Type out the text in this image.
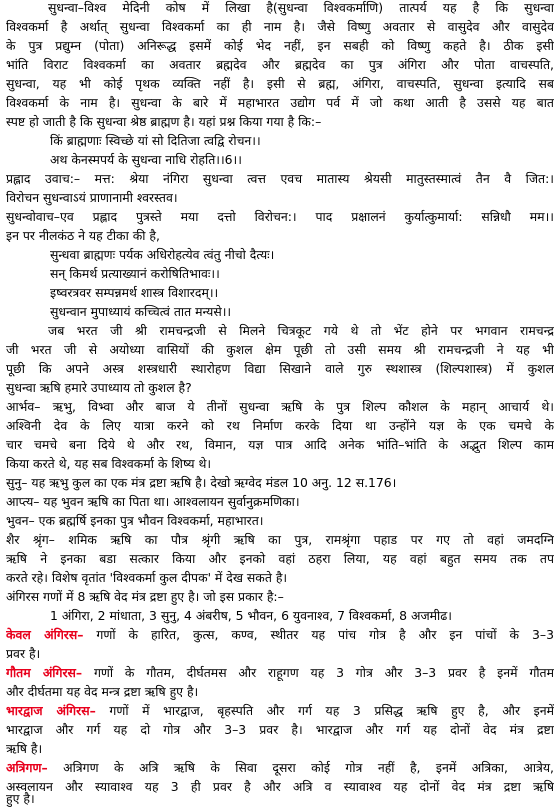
सुधन्वा–विश्व मेदिनी कोष में लिखा है(सुधन्वा विश्वकर्माणि) तात्पर्य यह है कि सुधन्वा
विश्वकर्मा है अर्थात् सुधन्वा विश्वकर्मा का ही नाम है। जैसे विष्णु अवतार से वासुदेव और वासुदेव
के पुत्र प्रद्युम्न (पोता) अनिरूद्ध इसमें कोई भेद नहीं, इन सबही को विष्णु कहते है। ठीक इसी
भांति विराट विश्वकर्मा का अवतार ब्रह्मदेव और ब्रह्मदेव का पुत्र अंगिरा और पोता वाचस्पति,
सुधन्वा, यह भी कोई पृथक व्यक्ति नहीं है। इसी से ब्रह्म, अंगिरा, वाचस्पति, सुधन्वा इत्यादि सब
विश्वकर्मा के नाम है। सुधन्वा के बारे में महाभारत उद्योग पर्व में जो कथा आती है उससे यह बात
स्पष्ट हो जाती है कि सुधन्वा श्रेष्ठ ब्राह्मण है। यहां प्रश्न किया गया है कि:–
किं ब्राह्मणाः स्विच्छे यां सो दितिजा त्वद्वि रोचन।।
अथ केनस्मपर्य के सुधन्वा नाधि रोहति।।6।।
प्रह्लाद उवाच:– मत्त: श्रेया नंगिरा सुधन्वा त्वत्त एवच मातास्य श्रेयसी मातुस्तस्मात्वं तैन वै जित:।
विरोचन सुधन्वाऽयं प्राणानामी श्वरस्तव।
सुधन्वोवाच–एव प्रह्लाद पुत्रस्ते मया दत्तो विरोचन:। पाद प्रक्षालनं कुर्यात्कुमार्या: सन्निधौ मम।।
इन पर नीलकंठ ने यह टीका की है,
सुन्धवा ब्राह्मणः पर्यक अधिरोहत्येव त्वंतु नीचो दैत्यः।
सन् किमर्थ प्रत्याख्यानं करोषितिभावः।।
इष्वरत्रवर सम्पन्नमर्थ शास्त्र विशारदम्।।
सुधन्वान मुपाध्यायं कच्चित्वं तात मन्यसे।।
जब भरत जी श्री रामचन्द्रजी से मिलने चित्रकूट गये थे तो भेंट होने पर भगवान रामचन्द्र
जी भरत जी से अयोध्या वासियों की कुशल क्षेम पूछी तो उसी समय श्री रामचन्द्रजी ने यह भी
पूछी कि अपने अस्त्र शस्त्रधारी स्थारोहण विद्या सिखाने वाले गुरु स्थशास्त्र (शिल्पशास्त्र) में कुशल
सुधन्वा ऋषि हमारे उपाध्याय तो कुशल है?
आर्भव– ऋभु, विभ्वा और बाज ये तीनों सुधन्वा ऋषि के पुत्र शिल्प कौशल के महान् आचार्य थे।
अश्विनी देव के लिए यात्रा करने को रथ निर्माण करके दिया था उन्होंने यज्ञ के एक चमचे के
चार चमचे बना दिये थे और रथ, विमान, यज्ञ पात्र आदि अनेक भांति–भांति के अद्भुत शिल्प काम
किया करते थे, यह सब विश्वकर्मा के शिष्य थे।
सुनु– यह ऋभु कुल का एक मंत्र द्रष्टा ऋषि है। देखो ऋग्वेद मंडल 10 अनु. 12 स.176।
आप्त्य– यह भुवन ऋषि का पिता था। आश्वलायन सुर्वानुक्रमणिका।
भुवन– एक ब्रह्मर्षि इनका पुत्र भौवन विश्वकर्मा, महाभारत।
शैर श्रृंग– शमिक ऋषि का पौत्र श्रृंगी ऋषि का पुत्र, रामश्रृंगा पहाड पर गए तो वहां जमदग्नि
ऋषि ने इनका बडा सत्कार किया और इनको वहां ठहरा लिया, यह वहां बहुत समय तक तप
करते रहे। विशेष वृतांत 'विश्वकर्मा कुल दीपक' में देख सकते है।
अंगिरस गणों में 8 ऋषि वेद मंत्र द्रष्टा हुए है। जो इस प्रकार है:–
1 अंगिरा, 2 मांधाता, 3 सुनु, 4 अंबरीष, 5 भौवन, 6 युवनाश्व, 7 विश्वकर्मा, 8 अजमीढ।
केवल अंगिरस– गणों के हारित, कुत्स, कण्व, स्थीतर यह पांच गोत्र है और इन पांचों के 3–3
प्रवर है।
गौतम अंगिरस– गणों के गौतम, दीर्घतमस और राहूगण यह 3 गोत्र और 3–3 प्रवर है इनमें गौतम
और दीर्घतमा यह वेद मन्त्र द्रष्टा ऋषि हुए है।
भारद्वाज अंगिरस– गणों में भारद्वाज, बृहस्पति और गर्ग यह 3 प्रसिद्ध ऋषि हुए है, और इनमें
भारद्वाज और गर्ग यह दो गोत्र और 3–3 प्रवर है। भारद्वाज और गर्ग यह दोनों वेद मंत्र द्रष्टा
ऋषि है।
अत्रिगण– अत्रिगण के अत्रि ऋषि के सिवा दूसरा कोई गोत्र नहीं है, इनमें अत्रिका, आत्रेय,
अस्वलायन और स्यावाश्व यह 3 ही प्रवर है और अत्रि व स्यावाश्व यह दोनों वेद मंत्र द्रष्टा ऋषि
हुए है।
